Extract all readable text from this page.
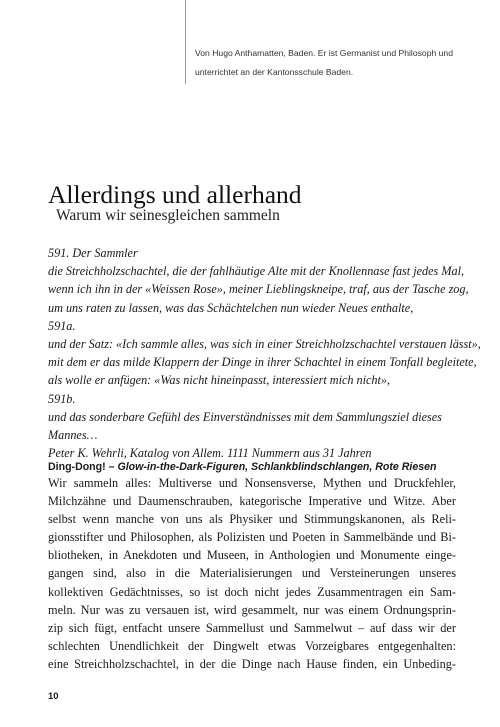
Von Hugo Anthamatten, Baden. Er ist Germanist und Philosoph und
unterrichtet an der Kantonsschule Baden.
Allerdings und allerhand
Warum wir seinesgleichen sammeln
591. Der Sammler
die Streichholzschachtel, die der fahlhäutige Alte mit der Knollennase fast jedes Mal,
wenn ich ihn in der «Weissen Rose», meiner Lieblingskneipe, traf, aus der Tasche zog,
um uns raten zu lassen, was das Schächtelchen nun wieder Neues enthalte,
591a.
und der Satz: «Ich sammle alles, was sich in einer Streichholzschachtel verstauen lässt»,
mit dem er das milde Klappern der Dinge in ihrer Schachtel in einem Tonfall begleitete,
als wolle er anfügen: «Was nicht hineinpasst, interessiert mich nicht»,
591b.
und das sonderbare Gefühl des Einverständnisses mit dem Sammlungsziel dieses
Mannes…
Peter K. Wehrli, Katalog von Allem. 1111 Nummern aus 31 Jahren
Ding-Dong! – Glow-in-the-Dark-Figuren, Schlankblindschlangen, Rote Riesen
Wir sammeln alles: Multiverse und Nonsensverse, Mythen und Druckfehler,
Milchzähne und Daumenschrauben, kategorische Imperative und Witze. Aber
selbst wenn manche von uns als Physiker und Stimmungskanonen, als Reli-
gionsstifter und Philosophen, als Polizisten und Poeten in Sammelbände und Bi-
bliotheken, in Anekdoten und Museen, in Anthologien und Monumente einge-
gangen sind, also in die Materialisierungen und Versteinerungen unseres
kollektiven Gedächtnisses, so ist doch nicht jedes Zusammentragen ein Sam-
meln. Nur was zu versauen ist, wird gesammelt, nur was einem Ordnungsprin-
zip sich fügt, entfacht unsere Sammellust und Sammelwut – auf dass wir der
schlechten Unendlichkeit der Dingwelt etwas Vorzeigbares entgegenhalten:
eine Streichholzschachtel, in der die Dinge nach Hause finden, ein Unbeding-
10
